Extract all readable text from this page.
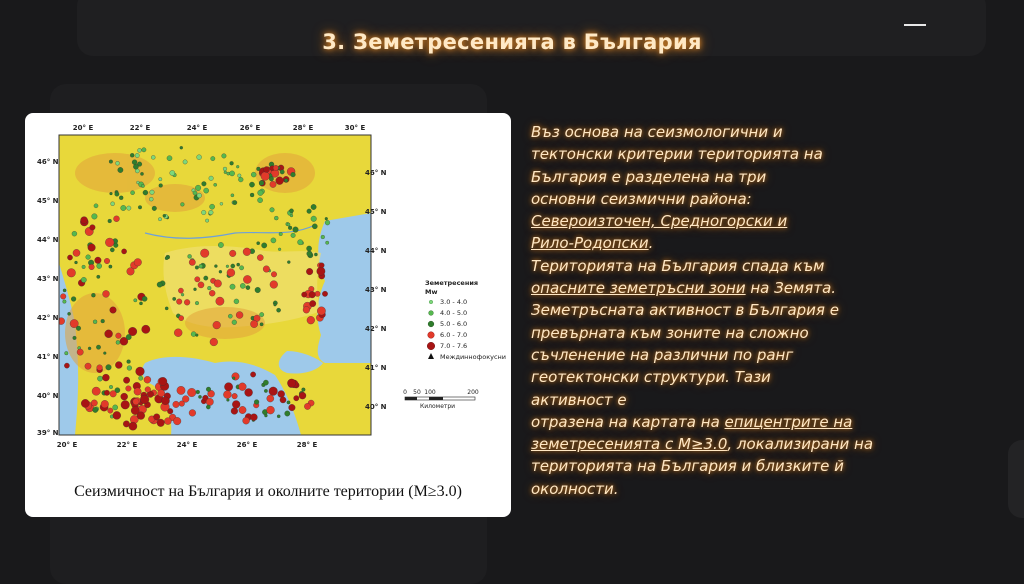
3. Земетресенията в България
20° E	22° E	24° E	26° E	28° E	30° E
20° E	22° E	24° E	26° E	28° E
46° N
45° N
44° N
43° N
42° N
41° N
40° N
39° N
46° N
45° N
44° N
43° N
42° N
41° N
40° N
Земетресения
Mw
3.0 - 4.0
4.0 - 5.0
5.0 - 6.0
6.0 - 7.0
7.0 - 7.6
Междиннофокусни
0 50 100	200
Километри
Сеизмичност на България и околните територии (М≥3.0)

Въз основа на сеизмологични и

тектонски критерии територията на

България е разделена на три

основни сеизмични района:

Североизточен, Средногорски и

Рило-Родопски.

Територията на България спада към

опасните земетръсни зони на Земята.

Земетръсната активност в България е

превърната към зоните на сложно

съчленение на различни по ранг

геотектонски структури. Тази

активност е

отразена на картата на епицентрите на

земетресенията с М≥3.0, локализирани на

територията на България и близките й

околности.
